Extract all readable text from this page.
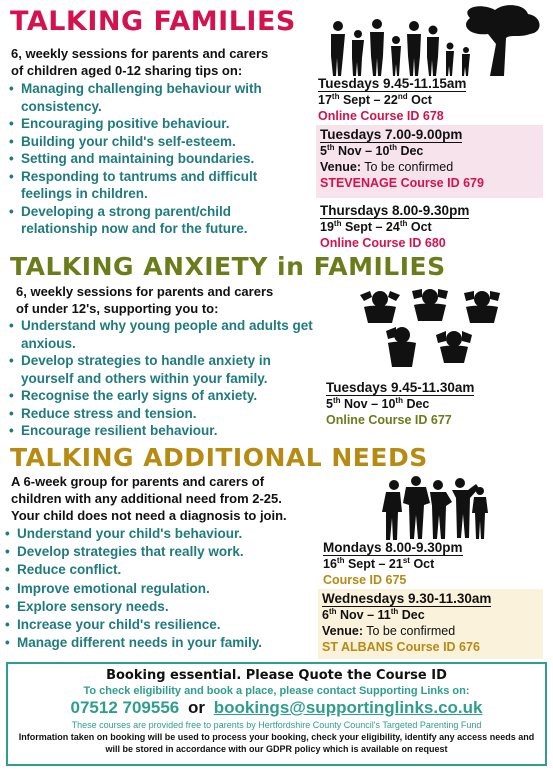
TALKING FAMILIES
6, weekly sessions for parents and carers
of children aged 0-12 sharing tips on:
• Managing challenging behaviour with consistency.
• Encouraging positive behaviour.
• Building your child's self-esteem.
• Setting and maintaining boundaries.
• Responding to tantrums and difficult feelings in children.
• Developing a strong parent/child relationship now and for the future.
Tuesdays 9.45-11.15am
17th Sept – 22nd Oct
Online Course ID 678
Tuesdays 7.00-9.00pm
5th Nov – 10th Dec
Venue: To be confirmed
STEVENAGE Course ID 679
Thursdays 8.00-9.30pm
19th Sept – 24th Oct
Online Course ID 680
TALKING ANXIETY in FAMILIES
6, weekly sessions for parents and carers
of under 12's, supporting you to:
• Understand why young people and adults get anxious.
• Develop strategies to handle anxiety in yourself and others within your family.
• Recognise the early signs of anxiety.
• Reduce stress and tension.
• Encourage resilient behaviour.
Tuesdays 9.45-11.30am
5th Nov – 10th Dec
Online Course ID 677
TALKING ADDITIONAL NEEDS
A 6-week group for parents and carers of
children with any additional need from 2-25.
Your child does not need a diagnosis to join.
• Understand your child's behaviour.
• Develop strategies that really work.
• Reduce conflict.
• Improve emotional regulation.
• Explore sensory needs.
• Increase your child's resilience.
• Manage different needs in your family.
Mondays 8.00-9.30pm
16th Sept – 21st Oct
Course ID 675
Wednesdays 9.30-11.30am
6th Nov – 11th Dec
Venue: To be confirmed
ST ALBANS Course ID 676
Booking essential. Please Quote the Course ID
To check eligibility and book a place, please contact Supporting Links on:
07512 709556 or bookings@supportinglinks.co.uk
These courses are provided free to parents by Hertfordshire County Council's Targeted Parenting Fund
Information taken on booking will be used to process your booking, check your eligibility, identify any access needs and will be stored in accordance with our GDPR policy which is available on request
